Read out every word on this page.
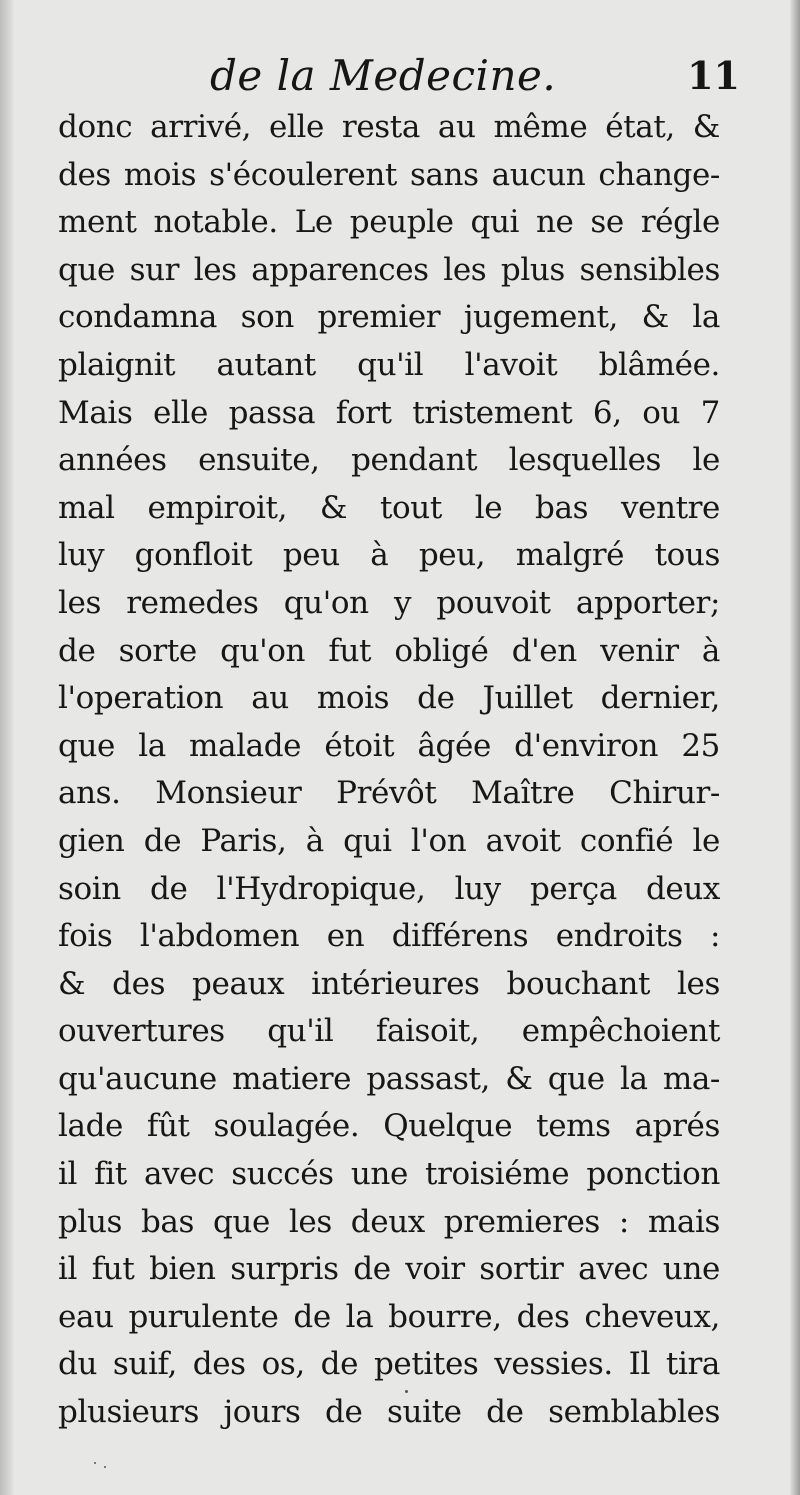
de la Medecine.	11
donc arrivé, elle resta au même état, &
des mois s'écoulerent sans aucun change-
ment notable. Le peuple qui ne se régle
que sur les apparences les plus sensibles
condamna son premier jugement, & la
plaignit autant qu'il l'avoit blâmée.
Mais elle passa fort tristement 6, ou 7
années ensuite, pendant lesquelles le
mal empiroit, & tout le bas ventre
luy gonfloit peu à peu, malgré tous
les remedes qu'on y pouvoit apporter;
de sorte qu'on fut obligé d'en venir à
l'operation au mois de Juillet dernier,
que la malade étoit âgée d'environ 25
ans. Monsieur Prévôt Maître Chirur-
gien de Paris, à qui l'on avoit confié le
soin de l'Hydropique, luy perça deux
fois l'abdomen en différens endroits :
& des peaux intérieures bouchant les
ouvertures qu'il faisoit, empêchoient
qu'aucune matiere passast, & que la ma-
lade fût soulagée. Quelque tems aprés
il fit avec succés une troisiéme ponction
plus bas que les deux premieres : mais
il fut bien surpris de voir sortir avec une
eau purulente de la bourre, des cheveux,
du suif, des os, de petites vessies. Il tira
plusieurs jours de suite de semblables
